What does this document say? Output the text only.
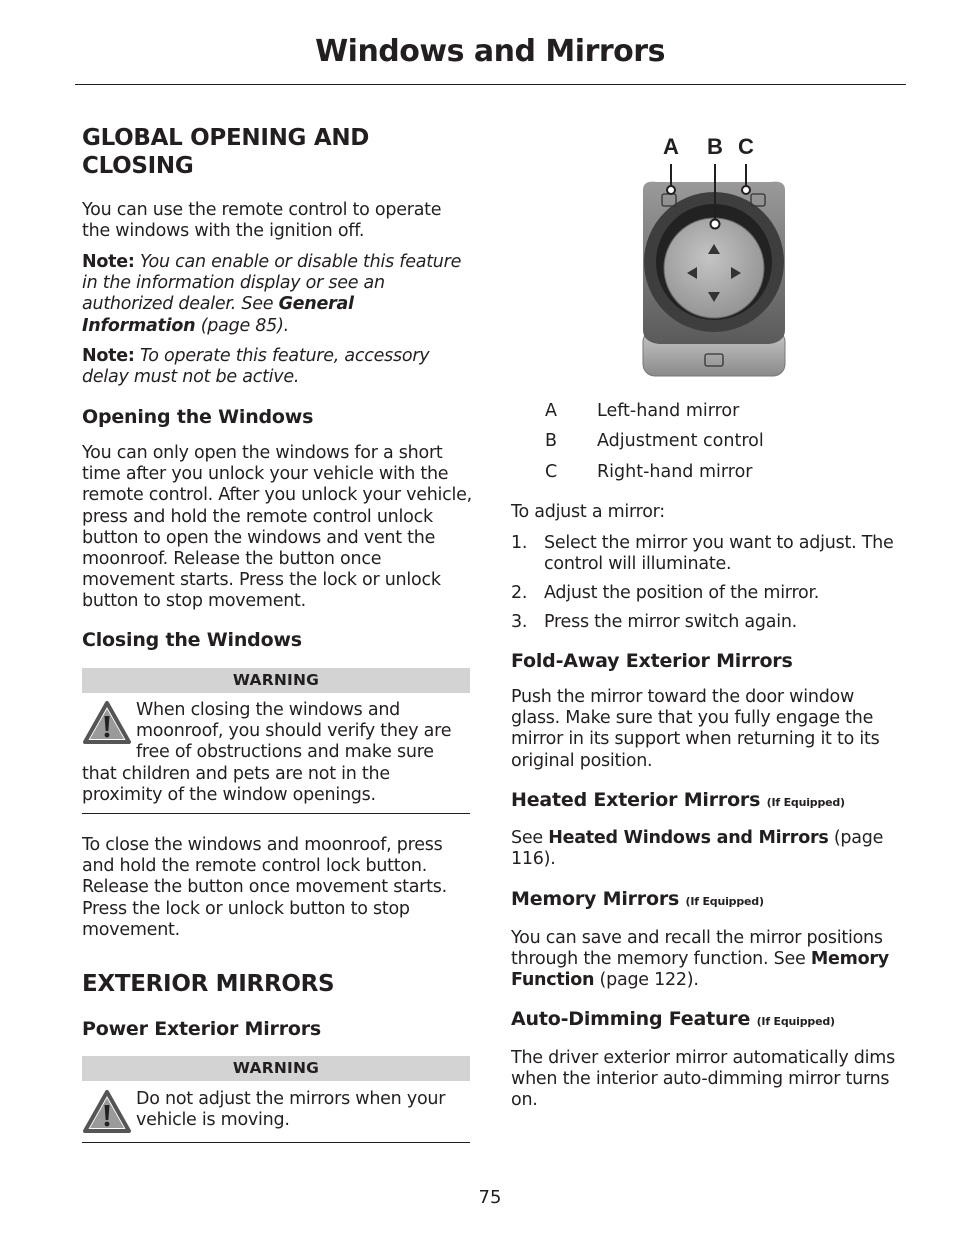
Windows and Mirrors
GLOBAL OPENING AND CLOSING

You can use the remote control to operate the windows with the ignition off.

Note: You can enable or disable this feature in the information display or see an authorized dealer. See General Information (page 85).

Note: To operate this feature, accessory delay must not be active.

Opening the Windows

You can only open the windows for a short time after you unlock your vehicle with the remote control. After you unlock your vehicle, press and hold the remote control unlock button to open the windows and vent the moonroof. Release the button once movement starts. Press the lock or unlock button to stop movement.

Closing the Windows
WARNING
When closing the windows and moonroof, you should verify they are free of obstructions and make sure that children and pets are not in the proximity of the window openings.

To close the windows and moonroof, press and hold the remote control lock button. Release the button once movement starts. Press the lock or unlock button to stop movement.

EXTERIOR MIRRORS
Power Exterior Mirrors
WARNING
Do not adjust the mirrors when your vehicle is moving.
A B C
A Left-hand mirror
B Adjustment control
C Right-hand mirror

To adjust a mirror:

1. Select the mirror you want to adjust. The control will illuminate.
2. Adjust the position of the mirror.
3. Press the mirror switch again.
Fold-Away Exterior Mirrors

Push the mirror toward the door window glass. Make sure that you fully engage the mirror in its support when returning it to its original position.

Heated Exterior Mirrors (If Equipped)

See Heated Windows and Mirrors (page 116).

Memory Mirrors (If Equipped)

You can save and recall the mirror positions through the memory function. See Memory Function (page 122).

Auto-Dimming Feature (If Equipped)

The driver exterior mirror automatically dims when the interior auto-dimming mirror turns on.

75
